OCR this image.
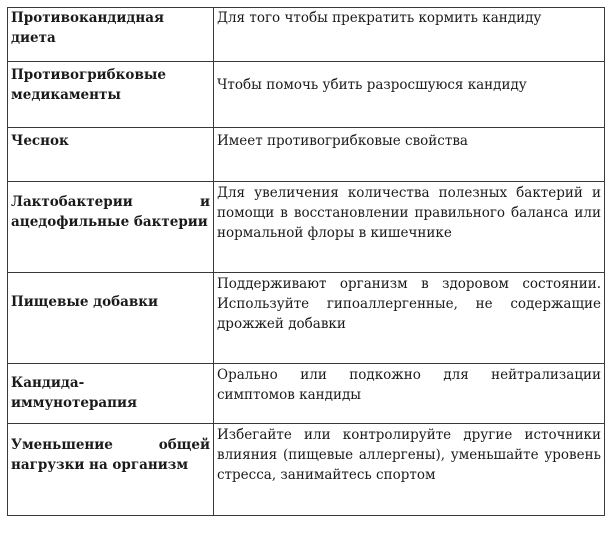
Противокандидная диета	Для того чтобы прекратить кормить кандиду
Противогрибковые медикаменты	Чтобы помочь убить разросшуюся кандиду
Чеснок	Имеет противогрибковые свойства
Лактобактерии и ацедофильные бактерии	Для увеличения количества полезных бактерий и помощи в восстановлении правильного баланса или нормальной флоры в кишечнике
Пищевые добавки	Поддерживают организм в здоровом состоянии. Используйте гипоаллергенные, не содержащие дрожжей добавки
Кандида-иммунотерапия	Орально или подкожно для нейтрализации симптомов кандиды
Уменьшение общей нагрузки на организм	Избегайте или контролируйте другие источники влияния (пищевые аллергены), уменьшайте уровень стресса, занимайтесь спортом
